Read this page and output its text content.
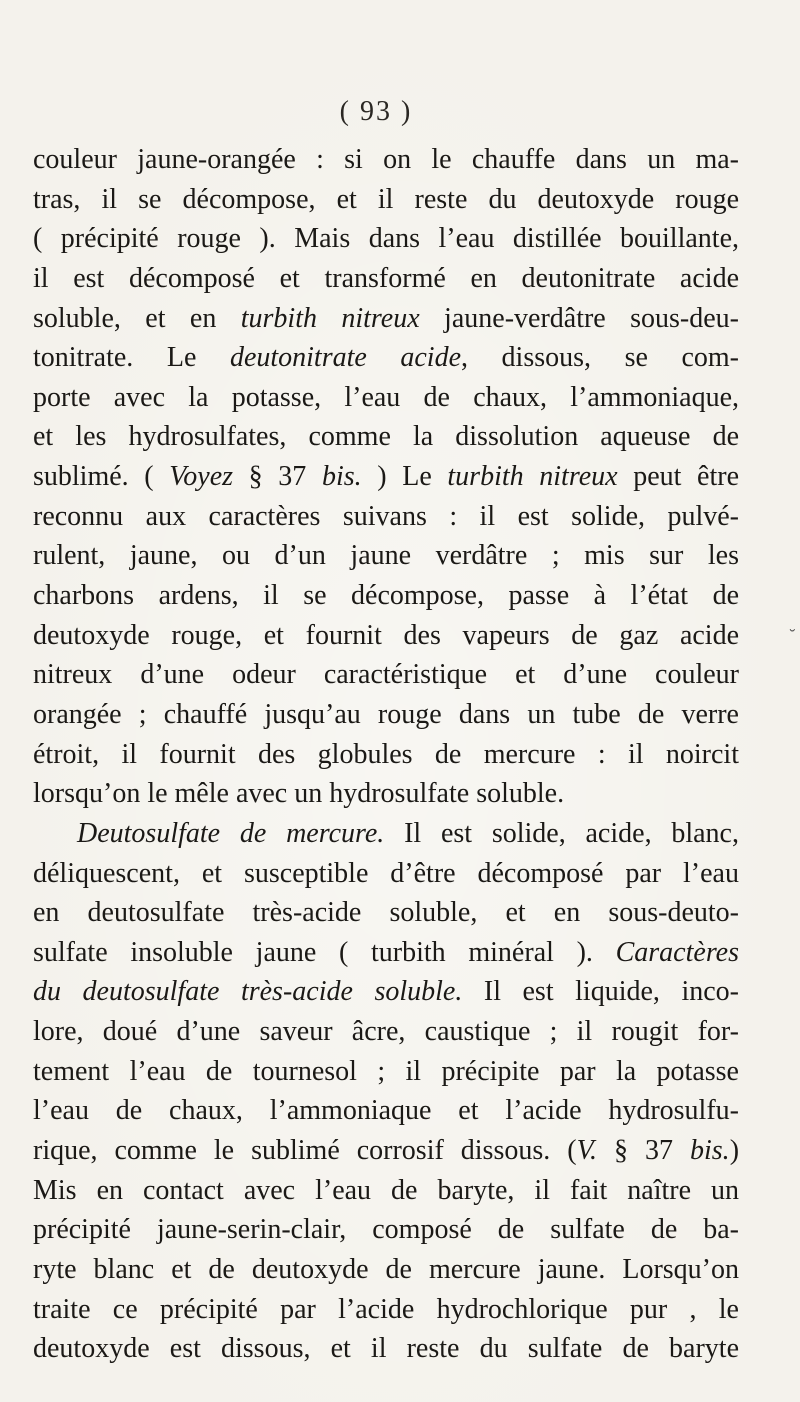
( 93 )
couleur jaune-orangée : si on le chauffe dans un ma-
tras, il se décompose, et il reste du deutoxyde rouge
( précipité rouge ). Mais dans l’eau distillée bouillante,
il est décomposé et transformé en deutonitrate acide
soluble, et en turbith nitreux jaune-verdâtre sous-deu-
tonitrate. Le deutonitrate acide, dissous, se com-
porte avec la potasse, l’eau de chaux, l’ammoniaque,
et les hydrosulfates, comme la dissolution aqueuse de
sublimé. ( Voyez § 37 bis. ) Le turbith nitreux peut être
reconnu aux caractères suivans : il est solide, pulvé-
rulent, jaune, ou d’un jaune verdâtre ; mis sur les
charbons ardens, il se décompose, passe à l’état de
deutoxyde rouge, et fournit des vapeurs de gaz acide
nitreux d’une odeur caractéristique et d’une couleur
orangée ; chauffé jusqu’au rouge dans un tube de verre
étroit, il fournit des globules de mercure : il noircit
lorsqu’on le mêle avec un hydrosulfate soluble.
Deutosulfate de mercure. Il est solide, acide, blanc,
déliquescent, et susceptible d’être décomposé par l’eau
en deutosulfate très-acide soluble, et en sous-deuto-
sulfate insoluble jaune ( turbith minéral ). Caractères
du deutosulfate très-acide soluble. Il est liquide, inco-
lore, doué d’une saveur âcre, caustique ; il rougit for-
tement l’eau de tournesol ; il précipite par la potasse
l’eau de chaux, l’ammoniaque et l’acide hydrosulfu-
rique, comme le sublimé corrosif dissous. (V. § 37 bis.)
Mis en contact avec l’eau de baryte, il fait naître un
précipité jaune-serin-clair, composé de sulfate de ba-
ryte blanc et de deutoxyde de mercure jaune. Lorsqu’on
traite ce précipité par l’acide hydrochlorique pur , le
deutoxyde est dissous, et il reste du sulfate de baryte
˘
